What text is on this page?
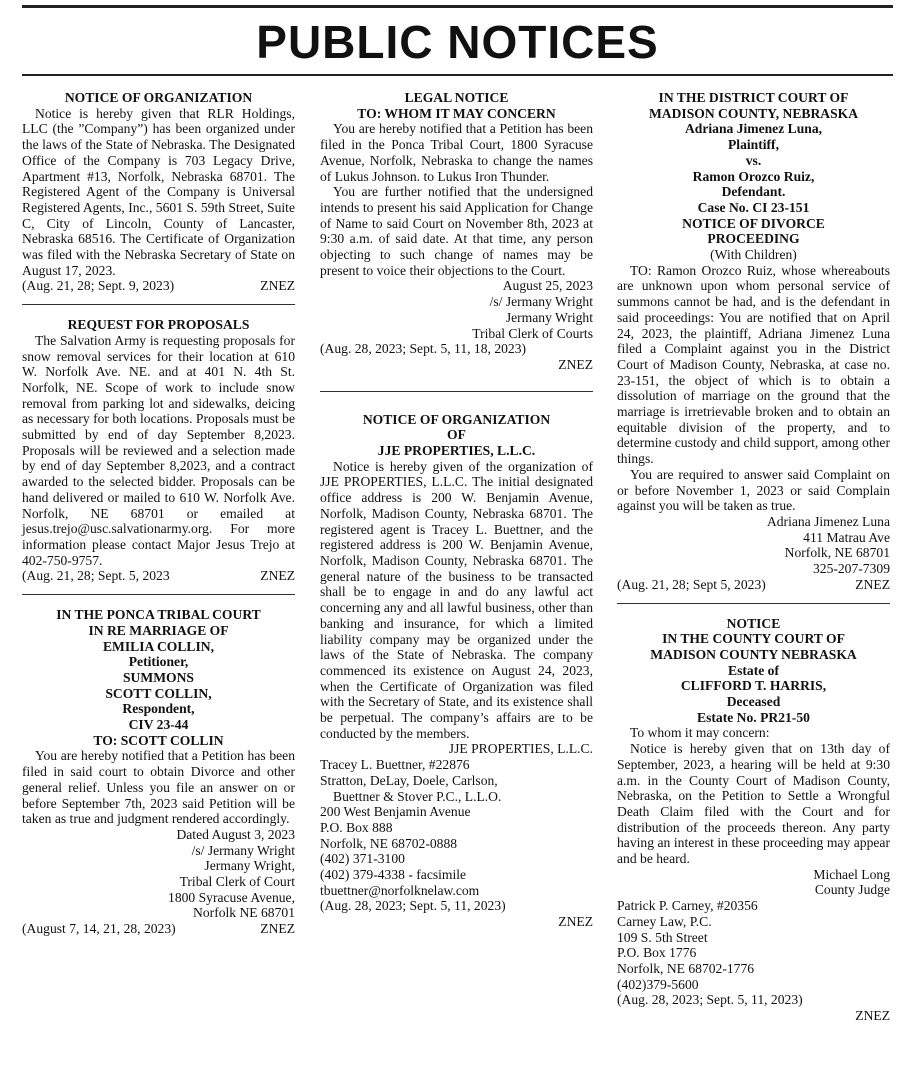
PUBLIC NOTICES
NOTICE OF ORGANIZATION

Notice is hereby given that RLR Holdings, LLC (the ”Company”) has been organized under the laws of the State of Nebraska. The Designated Office of the Company is 703 Legacy Drive, Apartment #13, Norfolk, Nebraska 68701. The Registered Agent of the Company is Universal Registered Agents, Inc., 5601 S. 59th Street, Suite C, City of Lincoln, County of Lancaster, Nebraska 68516. The Certificate of Organization was filed with the Nebraska Secretary of State on August 17, 2023.

(Aug. 21, 28; Sept. 9, 2023)	ZNEZ
REQUEST FOR PROPOSALS

The Salvation Army is requesting proposals for snow removal services for their location at 610 W. Norfolk Ave. NE. and at 401 N. 4th St. Norfolk, NE. Scope of work to include snow removal from parking lot and sidewalks, deicing as necessary for both locations. Proposals must be submitted by end of day September 8,2023. Proposals will be reviewed and a selection made by end of day September 8,2023, and a contract awarded to the selected bidder. Proposals can be hand delivered or mailed to 610 W. Norfolk Ave. Norfolk, NE 68701 or emailed at jesus.trejo@usc.salvationarmy.org. For more information please contact Major Jesus Trejo at 402-750-9757.

(Aug. 21, 28; Sept. 5, 2023	ZNEZ
IN THE PONCA TRIBAL COURT
IN RE MARRIAGE OF
EMILIA COLLIN,
Petitioner,
SUMMONS
SCOTT COLLIN,
Respondent,
CIV 23-44
TO: SCOTT COLLIN

You are hereby notified that a Petition has been filed in said court to obtain Divorce and other general relief. Unless you file an answer on or before September 7th, 2023 said Petition will be taken as true and judgment rendered accordingly.

Dated August 3, 2023
/s/ Jermany Wright
Jermany Wright,
Tribal Clerk of Court
1800 Syracuse Avenue,
Norfolk NE 68701
(August 7, 14, 21, 28, 2023)	ZNEZ
LEGAL NOTICE
TO: WHOM IT MAY CONCERN

You are hereby notified that a Petition has been filed in the Ponca Tribal Court, 1800 Syracuse Avenue, Norfolk, Nebraska to change the names of Lukus Johnson. to Lukus Iron Thunder.

You are further notified that the undersigned intends to present his said Application for Change of Name to said Court on November 8th, 2023 at 9:30 a.m. of said date. At that time, any person objecting to such change of names may be present to voice their objections to the Court.

August 25, 2023
/s/ Jermany Wright
Jermany Wright
Tribal Clerk of Courts
(Aug. 28, 2023; Sept. 5, 11, 18, 2023)
ZNEZ
NOTICE OF ORGANIZATION
OF
JJE PROPERTIES, L.L.C.

Notice is hereby given of the organization of JJE PROPERTIES, L.L.C. The initial designated office address is 200 W. Benjamin Avenue, Norfolk, Madison County, Nebraska 68701. The registered agent is Tracey L. Buettner, and the registered address is 200 W. Benjamin Avenue, Norfolk, Madison County, Nebraska 68701. The general nature of the business to be transacted shall be to engage in and do any lawful act concerning any and all lawful business, other than banking and insurance, for which a limited liability company may be organized under the laws of the State of Nebraska. The company commenced its existence on August 24, 2023, when the Certificate of Organization was filed with the Secretary of State, and its existence shall be perpetual. The company’s affairs are to be conducted by the members.

JJE PROPERTIES, L.L.C.
Tracey L. Buettner, #22876
Stratton, DeLay, Doele, Carlson,
Buettner & Stover P.C., L.L.O.
200 West Benjamin Avenue
P.O. Box 888
Norfolk, NE 68702-0888
(402) 371-3100
(402) 379-4338 - facsimile
tbuettner@norfolknelaw.com
(Aug. 28, 2023; Sept. 5, 11, 2023)
ZNEZ
IN THE DISTRICT COURT OF
MADISON COUNTY, NEBRASKA
Adriana Jimenez Luna,
Plaintiff,
vs.
Ramon Orozco Ruiz,
Defendant.
Case No. CI 23-151
NOTICE OF DIVORCE
PROCEEDING
(With Children)

TO: Ramon Orozco Ruiz, whose whereabouts are unknown upon whom personal service of summons cannot be had, and is the defendant in said proceedings: You are notified that on April 24, 2023, the plaintiff, Adriana Jimenez Luna filed a Complaint against you in the District Court of Madison County, Nebraska, at case no. 23-151, the object of which is to obtain a dissolution of marriage on the ground that the marriage is irretrievable broken and to obtain an equitable division of the property, and to determine custody and child support, among other things.

You are required to answer said Complaint on or before November 1, 2023 or said Complain against you will be taken as true.

Adriana Jimenez Luna
411 Matrau Ave
Norfolk, NE 68701
325-207-7309
(Aug. 21, 28; Sept 5, 2023)	ZNEZ
NOTICE
IN THE COUNTY COURT OF
MADISON COUNTY NEBRASKA
Estate of
CLIFFORD T. HARRIS,
Deceased
Estate No. PR21-50

To whom it may concern:

Notice is hereby given that on 13th day of September, 2023, a hearing will be held at 9:30 a.m. in the County Court of Madison County, Nebraska, on the Petition to Settle a Wrongful Death Claim filed with the Court and for distribution of the proceeds thereon. Any party having an interest in these proceeding may appear and be heard.

Michael Long
County Judge
Patrick P. Carney, #20356
Carney Law, P.C.
109 S. 5th Street
P.O. Box 1776
Norfolk, NE 68702-1776
(402)379-5600
(Aug. 28, 2023; Sept. 5, 11, 2023)
ZNEZ
